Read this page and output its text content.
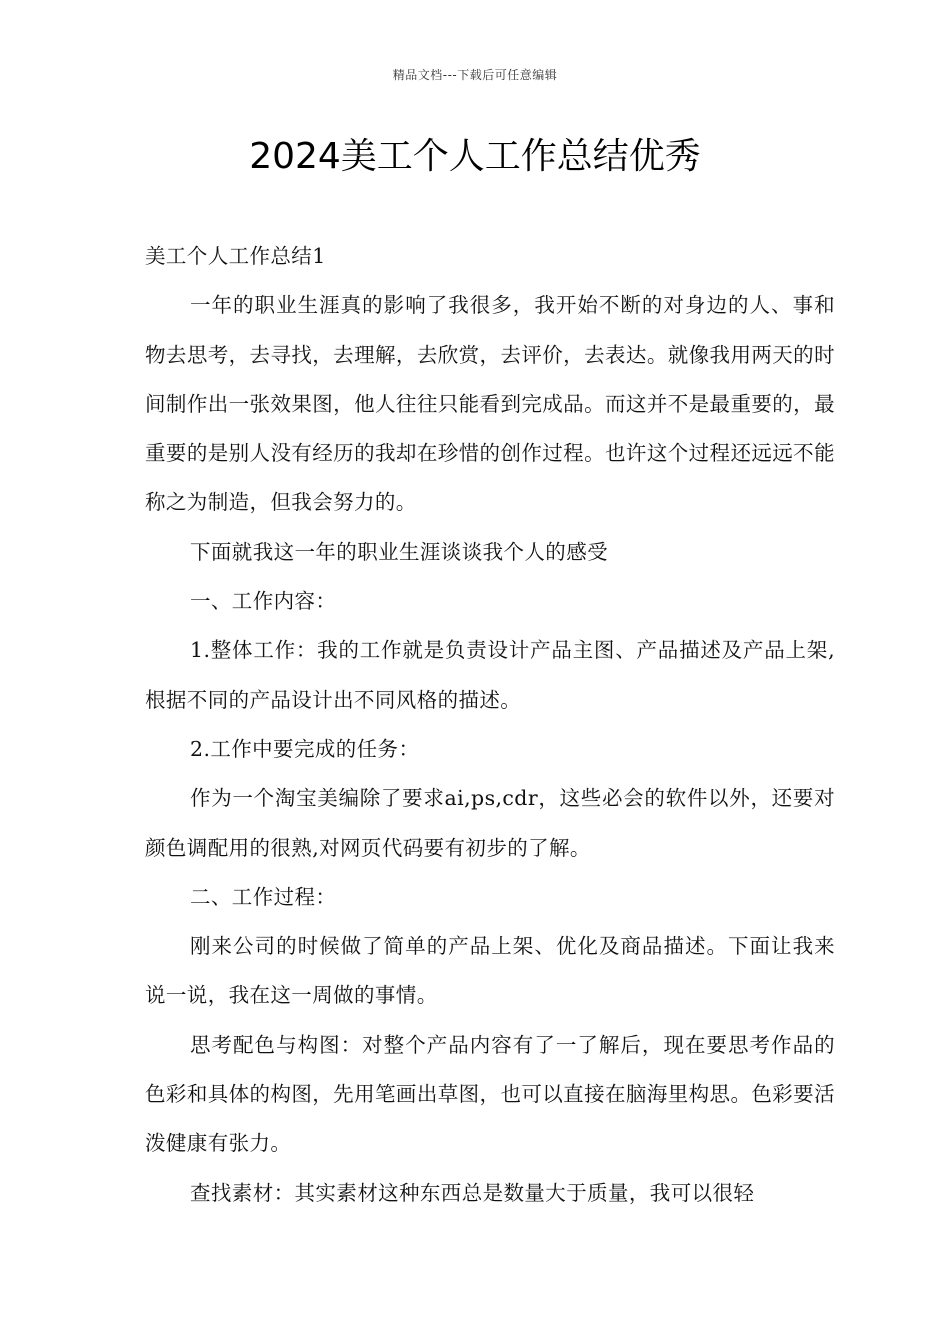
精品文档---下载后可任意编辑
2024美工个人工作总结优秀

美工个人工作总结1

一年的职业生涯真的影响了我很多，我开始不断的对身边的人、事和物去思考，去寻找，去理解，去欣赏，去评价，去表达。就像我用两天的时间制作出一张效果图，他人往往只能看到完成品。而这并不是最重要的，最重要的是别人没有经历的我却在珍惜的创作过程。也许这个过程还远远不能称之为制造，但我会努力的。

下面就我这一年的职业生涯谈谈我个人的感受

一、工作内容：

1.整体工作：我的工作就是负责设计产品主图、产品描述及产品上架,根据不同的产品设计出不同风格的描述。

2.工作中要完成的任务：

作为一个淘宝美编除了要求ai,ps,cdr，这些必会的软件以外，还要对颜色调配用的很熟,对网页代码要有初步的了解。

二、工作过程：

刚来公司的时候做了简单的产品上架、优化及商品描述。下面让我来说一说，我在这一周做的事情。

思考配色与构图：对整个产品内容有了一了解后，现在要思考作品的色彩和具体的构图，先用笔画出草图，也可以直接在脑海里构思。色彩要活泼健康有张力。

查找素材：其实素材这种东西总是数量大于质量，我可以很轻
